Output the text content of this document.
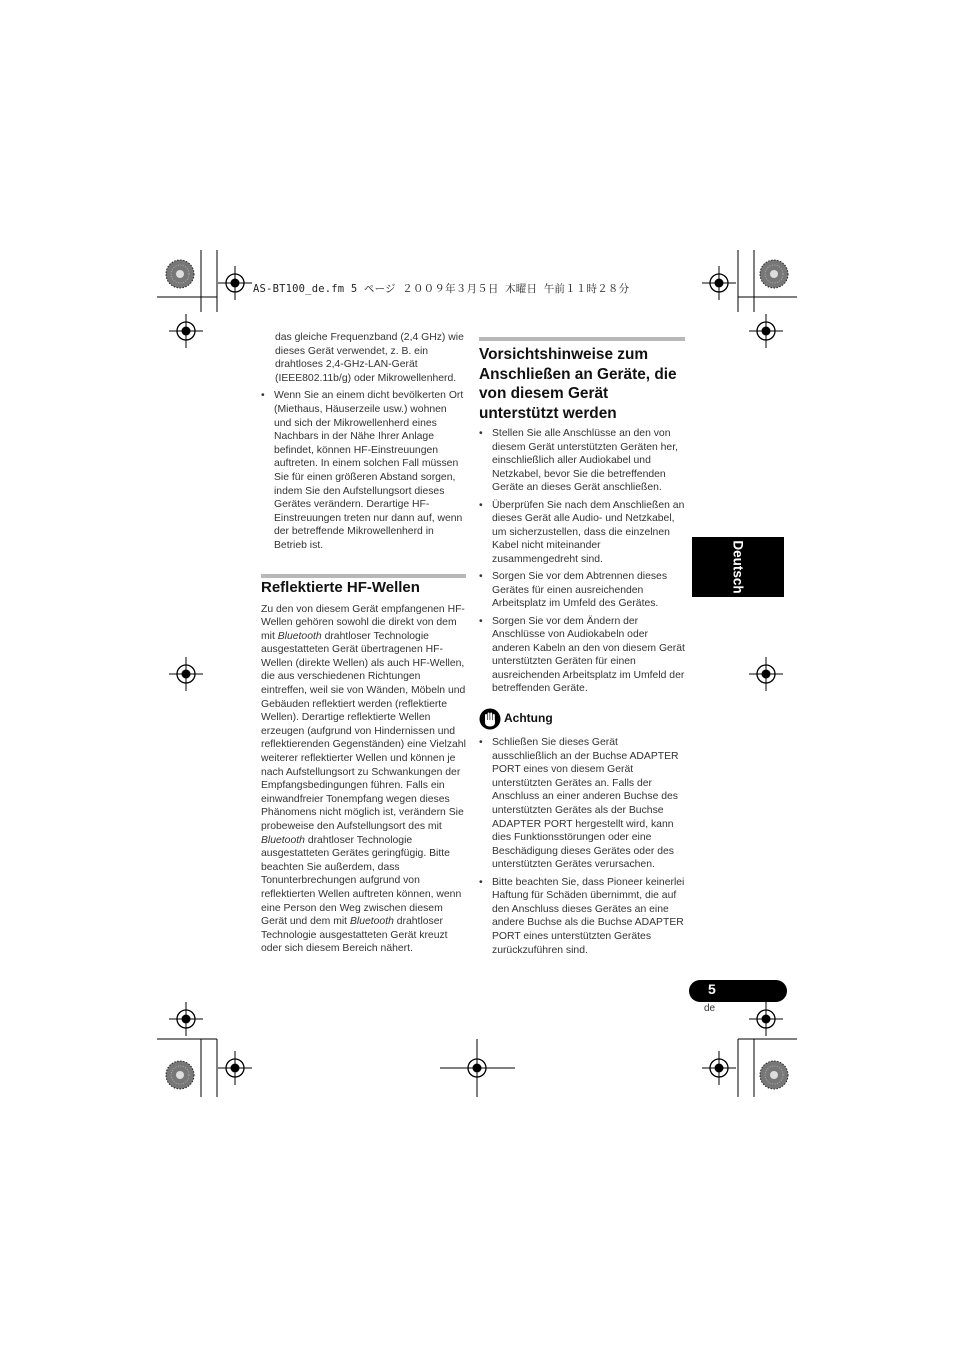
AS-BT100_de.fm 5 ページ ２００９年３月５日 木曜日 午前１１時２８分

das gleiche Frequenzband (2,4 GHz) wie dieses Gerät verwendet, z. B. ein drahtloses 2,4-GHz-LAN-Gerät (IEEE802.11b/g) oder Mikrowellenherd.

• Wenn Sie an einem dicht bevölkerten Ort (Miethaus, Häuserzeile usw.) wohnen und sich der Mikrowellenherd eines Nachbars in der Nähe Ihrer Anlage befindet, können HF-Einstreuungen auftreten. In einem solchen Fall müssen Sie für einen größeren Abstand sorgen, indem Sie den Aufstellungsort dieses Gerätes verändern. Derartige HF-Einstreuungen treten nur dann auf, wenn der betreffende Mikrowellenherd in Betrieb ist.
Reflektierte HF-Wellen

Zu den von diesem Gerät empfangenen HF-Wellen gehören sowohl die direkt von dem mit Bluetooth drahtloser Technologie ausgestatteten Gerät übertragenen HF-Wellen (direkte Wellen) als auch HF-Wellen, die aus verschiedenen Richtungen eintreffen, weil sie von Wänden, Möbeln und Gebäuden reflektiert werden (reflektierte Wellen). Derartige reflektierte Wellen erzeugen (aufgrund von Hindernissen und reflektierenden Gegenständen) eine Vielzahl weiterer reflektierter Wellen und können je nach Aufstellungsort zu Schwankungen der Empfangsbedingungen führen. Falls ein einwandfreier Tonempfang wegen dieses Phänomens nicht möglich ist, verändern Sie probeweise den Aufstellungsort des mit Bluetooth drahtloser Technologie ausgestatteten Gerätes geringfügig. Bitte beachten Sie außerdem, dass Tonunterbrechungen aufgrund von reflektierten Wellen auftreten können, wenn eine Person den Weg zwischen diesem Gerät und dem mit Bluetooth drahtloser Technologie ausgestatteten Gerät kreuzt oder sich diesem Bereich nähert.

Vorsichtshinweise zum Anschließen an Geräte, die von diesem Gerät unterstützt werden
• Stellen Sie alle Anschlüsse an den von diesem Gerät unterstützten Geräten her, einschließlich aller Audiokabel und Netzkabel, bevor Sie die betreffenden Geräte an dieses Gerät anschließen.
• Überprüfen Sie nach dem Anschließen an dieses Gerät alle Audio- und Netzkabel, um sicherzustellen, dass die einzelnen Kabel nicht miteinander zusammengedreht sind.
• Sorgen Sie vor dem Abtrennen dieses Gerätes für einen ausreichenden Arbeitsplatz im Umfeld des Gerätes.
• Sorgen Sie vor dem Ändern der Anschlüsse von Audiokabeln oder anderen Kabeln an den von diesem Gerät unterstützten Geräten für einen ausreichenden Arbeitsplatz im Umfeld der betreffenden Geräte.
Achtung
• Schließen Sie dieses Gerät ausschließlich an der Buchse ADAPTER PORT eines von diesem Gerät unterstützten Gerätes an. Falls der Anschluss an einer anderen Buchse des unterstützten Gerätes als der Buchse ADAPTER PORT hergestellt wird, kann dies Funktionsstörungen oder eine Beschädigung dieses Gerätes oder des unterstützten Gerätes verursachen.
• Bitte beachten Sie, dass Pioneer keinerlei Haftung für Schäden übernimmt, die auf den Anschluss dieses Gerätes an eine andere Buchse als die Buchse ADAPTER PORT eines unterstützten Gerätes zurückzuführen sind.
Deutsch
5
de
